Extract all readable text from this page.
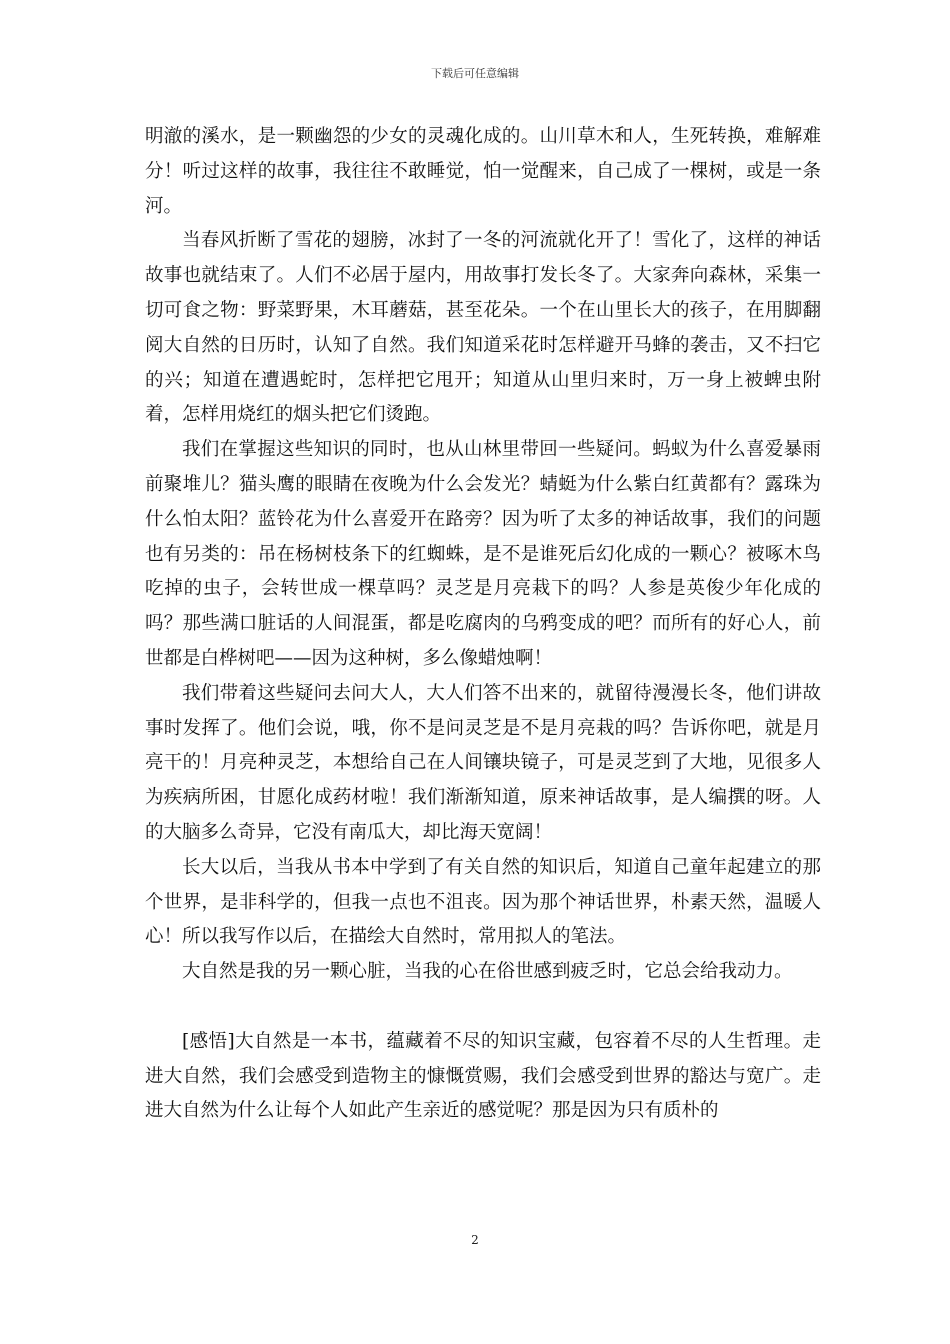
下载后可任意编辑

明澈的溪水，是一颗幽怨的少女的灵魂化成的。山川草木和人，生死转换，难解难分！听过这样的故事，我往往不敢睡觉，怕一觉醒来，自己成了一棵树，或是一条河。

当春风折断了雪花的翅膀，冰封了一冬的河流就化开了！雪化了，这样的神话故事也就结束了。人们不必居于屋内，用故事打发长冬了。大家奔向森林，采集一切可食之物：野菜野果，木耳蘑菇，甚至花朵。一个在山里长大的孩子，在用脚翻阅大自然的日历时，认知了自然。我们知道采花时怎样避开马蜂的袭击，又不扫它的兴；知道在遭遇蛇时，怎样把它甩开；知道从山里归来时，万一身上被蜱虫附着，怎样用烧红的烟头把它们烫跑。

我们在掌握这些知识的同时，也从山林里带回一些疑问。蚂蚁为什么喜爱暴雨前聚堆儿？猫头鹰的眼睛在夜晚为什么会发光？蜻蜓为什么紫白红黄都有？露珠为什么怕太阳？蓝铃花为什么喜爱开在路旁？因为听了太多的神话故事，我们的问题也有另类的：吊在杨树枝条下的红蜘蛛，是不是谁死后幻化成的一颗心？被啄木鸟吃掉的虫子，会转世成一棵草吗？灵芝是月亮栽下的吗？人参是英俊少年化成的吗？那些满口脏话的人间混蛋，都是吃腐肉的乌鸦变成的吧？而所有的好心人，前世都是白桦树吧——因为这种树，多么像蜡烛啊！

我们带着这些疑问去问大人，大人们答不出来的，就留待漫漫长冬，他们讲故事时发挥了。他们会说，哦，你不是问灵芝是不是月亮栽的吗？告诉你吧，就是月亮干的！月亮种灵芝，本想给自己在人间镶块镜子，可是灵芝到了大地，见很多人为疾病所困，甘愿化成药材啦！我们渐渐知道，原来神话故事，是人编撰的呀。人的大脑多么奇异，它没有南瓜大，却比海天宽阔！

长大以后，当我从书本中学到了有关自然的知识后，知道自己童年起建立的那个世界，是非科学的，但我一点也不沮丧。因为那个神话世界，朴素天然，温暖人心！所以我写作以后，在描绘大自然时，常用拟人的笔法。

大自然是我的另一颗心脏，当我的心在俗世感到疲乏时，它总会给我动力。

[感悟]大自然是一本书，蕴藏着不尽的知识宝藏，包容着不尽的人生哲理。走进大自然，我们会感受到造物主的慷慨赏赐，我们会感受到世界的豁达与宽广。走进大自然为什么让每个人如此产生亲近的感觉呢？那是因为只有质朴的

2
